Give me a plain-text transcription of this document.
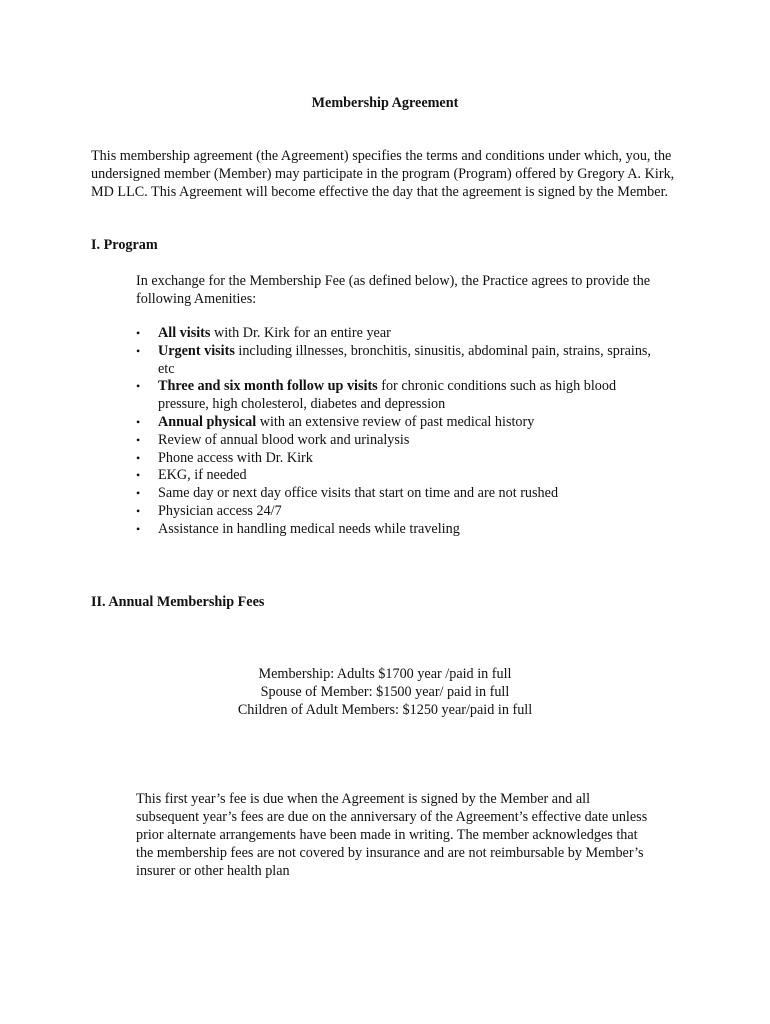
Membership Agreement

This membership agreement (the Agreement) specifies the terms and conditions under which, you, the undersigned member (Member) may participate in the program (Program) offered by Gregory A. Kirk, MD LLC. This Agreement will become effective the day that the agreement is signed by the Member.

I. Program

In exchange for the Membership Fee (as defined below), the Practice agrees to provide the following Amenities:

• All visits with Dr. Kirk for an entire year
• Urgent visits including illnesses, bronchitis, sinusitis, abdominal pain, strains, sprains, etc
• Three and six month follow up visits for chronic conditions such as high blood pressure, high cholesterol, diabetes and depression
• Annual physical with an extensive review of past medical history
• Review of annual blood work and urinalysis
• Phone access with Dr. Kirk
• EKG, if needed
• Same day or next day office visits that start on time and are not rushed
• Physician access 24/7
• Assistance in handling medical needs while traveling
II. Annual Membership Fees
Membership: Adults $1700 year /paid in full
Spouse of Member: $1500 year/ paid in full
Children of Adult Members: $1250 year/paid in full

This first year’s fee is due when the Agreement is signed by the Member and all subsequent year’s fees are due on the anniversary of the Agreement’s effective date unless prior alternate arrangements have been made in writing. The member acknowledges that the membership fees are not covered by insurance and are not reimbursable by Member’s insurer or other health plan
